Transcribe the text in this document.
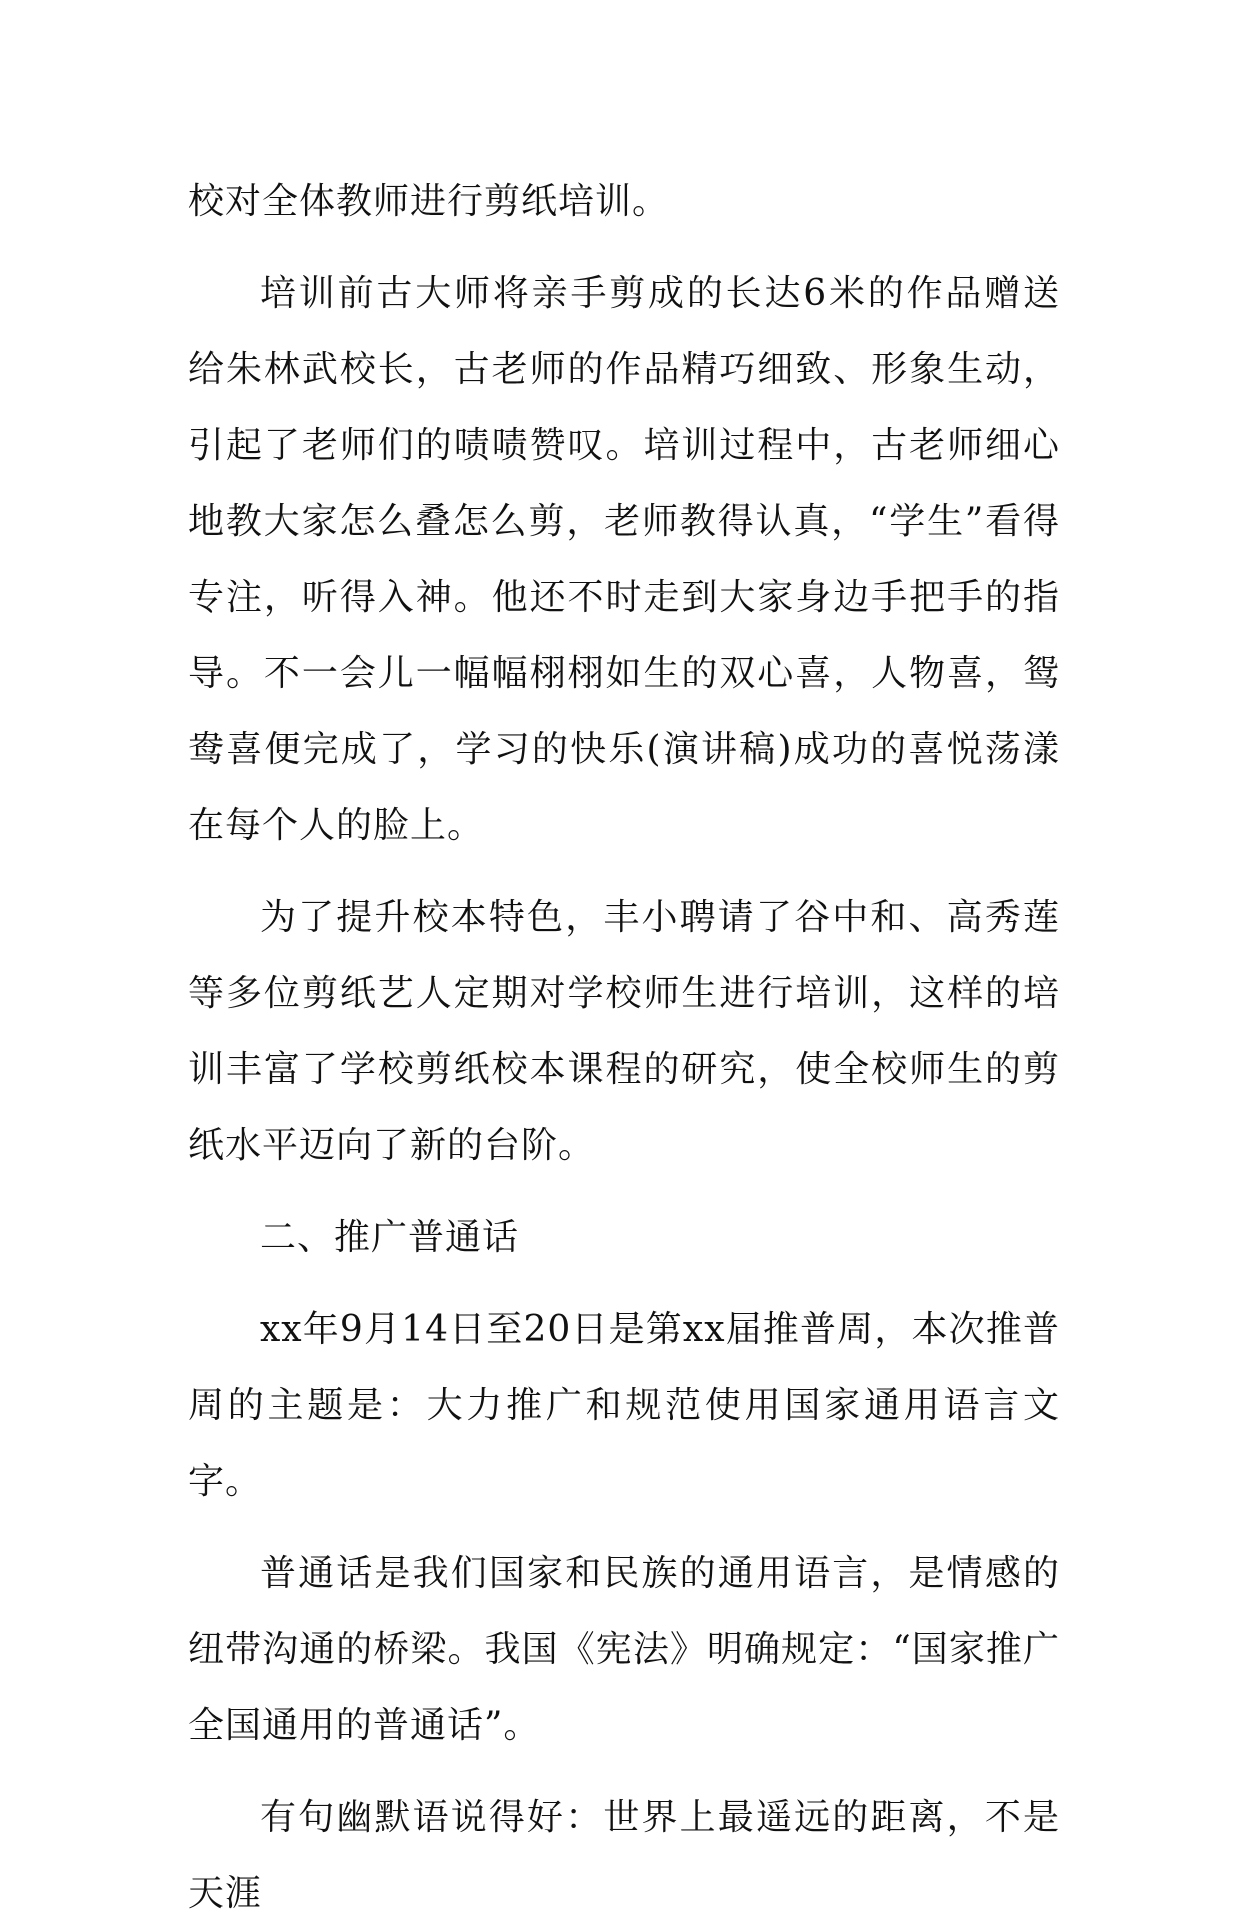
校对全体教师进行剪纸培训。

培训前古大师将亲手剪成的长达6米的作品赠送给朱林武校长，古老师的作品精巧细致、形象生动，引起了老师们的啧啧赞叹。培训过程中，古老师细心地教大家怎么叠怎么剪，老师教得认真，“学生”看得专注，听得入神。他还不时走到大家身边手把手的指导。不一会儿一幅幅栩栩如生的双心喜，人物喜，鸳鸯喜便完成了，学习的快乐(演讲稿)成功的喜悦荡漾在每个人的脸上。

为了提升校本特色，丰小聘请了谷中和、高秀莲等多位剪纸艺人定期对学校师生进行培训，这样的培训丰富了学校剪纸校本课程的研究，使全校师生的剪纸水平迈向了新的台阶。

二、推广普通话

xx年9月14日至20日是第xx届推普周，本次推普周的主题是：大力推广和规范使用国家通用语言文字。

普通话是我们国家和民族的通用语言，是情感的纽带沟通的桥梁。我国《宪法》明确规定：“国家推广全国通用的普通话”。

有句幽默语说得好：世界上最遥远的距离，不是天涯
